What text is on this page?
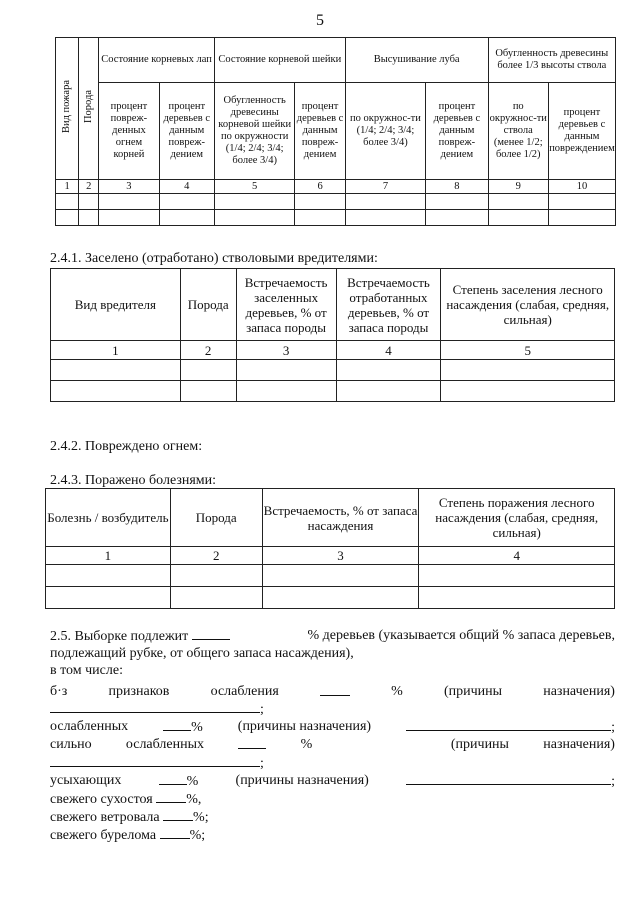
5
Вид пожара	Порода	Состояние корневых лап		Состояние корневой шейки		Высушивание луба		Обугленность древесины более 1/3 высоты ствола	
		процент повреж-денных огнем корней	процент деревьев с данным повреж-дением	Обугленность древесины корневой шейки по окружности (1/4; 2/4; 3/4; более 3/4)	процент деревьев с данным повреж-дением	по окружнос-ти (1/4; 2/4; 3/4; более 3/4)	процент деревьев с данным повреж-дением	по окружнос-ти ствола (менее 1/2; более 1/2)	процент деревьев с данным повреждением
1	2	3	4	5	6	7	8	9	10

2.4.1. Заселено (отработано) стволовыми вредителями:
Вид вредителя	Порода	Встречаемость заселенных деревьев, % от запаса породы	Встречаемость отработанных деревьев, % от запаса породы	Степень заселения лесного насаждения (слабая, средняя, сильная)
1	2	3	4	5

2.4.2. Повреждено огнем:
2.4.3. Поражено болезнями:
Болезнь / возбудитель	Порода	Встречаемость, % от запаса насаждения	Степень поражения лесного насаждения (слабая, средняя, сильная)
1	2	3	4

2.5. Выборке подлежит	% деревьев (указывается общий % запаса деревьев,
подлежащий рубке, от общего запаса насаждения),
в том числе:
б·з	признаков	ослабления	%	(причины	назначения)
;
ослабленных	% (причины назначения)	;
сильно ослабленных	%	(причины назначения)
;
усыхающих	%	(причины назначения)	;
свежего сухостоя %,
свежего ветровала %;
свежего бурелома %;
